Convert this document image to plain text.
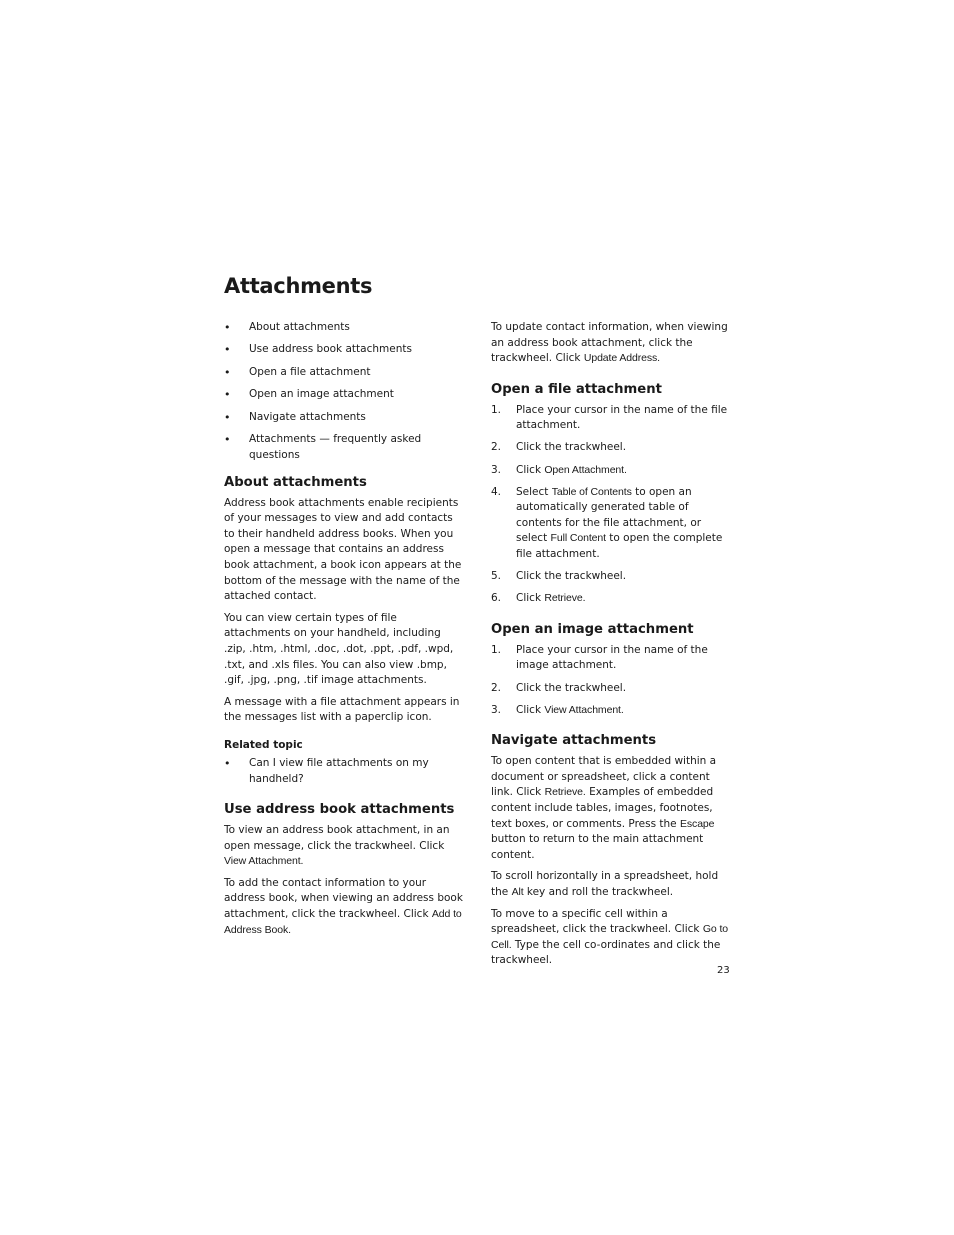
Attachments
• About attachments
• Use address book attachments
• Open a file attachment
• Open an image attachment
• Navigate attachments
• Attachments — frequently asked questions
About attachments

Address book attachments enable recipients of your messages to view and add contacts to their handheld address books. When you open a message that contains an address book attachment, a book icon appears at the bottom of the message with the name of the attached contact.

You can view certain types of file attachments on your handheld, including .zip, .htm, .html, .doc, .dot, .ppt, .pdf, .wpd, .txt, and .xls files. You can also view .bmp, .gif, .jpg, .png, .tif image attachments.

A message with a file attachment appears in the messages list with a paperclip icon.

Related topic
• Can I view file attachments on my handheld?
Use address book attachments

To view an address book attachment, in an open message, click the trackwheel. Click View Attachment.

To add the contact information to your address book, when viewing an address book attachment, click the trackwheel. Click Add to Address Book.

To update contact information, when viewing an address book attachment, click the trackwheel. Click Update Address.

Open a file attachment
1. Place your cursor in the name of the file attachment.
2. Click the trackwheel.
3. Click Open Attachment.
4. Select Table of Contents to open an automatically generated table of contents for the file attachment, or select Full Content to open the complete file attachment.
5. Click the trackwheel.
6. Click Retrieve.
Open an image attachment
1. Place your cursor in the name of the image attachment.
2. Click the trackwheel.
3. Click View Attachment.
Navigate attachments

To open content that is embedded within a document or spreadsheet, click a content link. Click Retrieve. Examples of embedded content include tables, images, footnotes, text boxes, or comments. Press the Escape button to return to the main attachment content.

To scroll horizontally in a spreadsheet, hold the Alt key and roll the trackwheel.

To move to a specific cell within a spreadsheet, click the trackwheel. Click Go to Cell. Type the cell co-ordinates and click the trackwheel.

23
